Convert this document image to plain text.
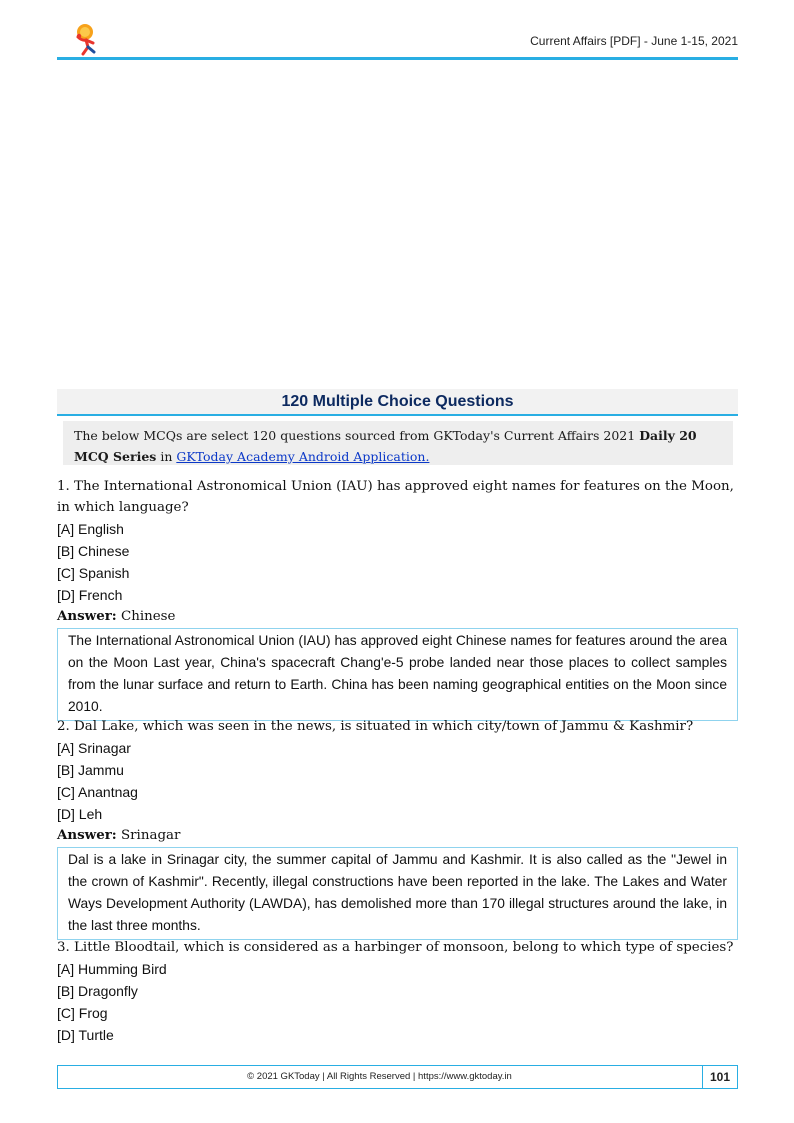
Current Affairs [PDF] - June 1-15, 2021
120 Multiple Choice Questions
The below MCQs are select 120 questions sourced from GKToday's Current Affairs 2021 Daily 20 MCQ Series in GKToday Academy Android Application.
1. The International Astronomical Union (IAU) has approved eight names for features on the Moon, in which language?
[A] English
[B] Chinese
[C] Spanish
[D] French
Answer: Chinese
The International Astronomical Union (IAU) has approved eight Chinese names for features around the area on the Moon Last year, China's spacecraft Chang'e-5 probe landed near those places to collect samples from the lunar surface and return to Earth. China has been naming geographical entities on the Moon since 2010.
2. Dal Lake, which was seen in the news, is situated in which city/town of Jammu & Kashmir?
[A] Srinagar
[B] Jammu
[C] Anantnag
[D] Leh
Answer: Srinagar
Dal is a lake in Srinagar city, the summer capital of Jammu and Kashmir. It is also called as the "Jewel in the crown of Kashmir". Recently, illegal constructions have been reported in the lake. The Lakes and Water Ways Development Authority (LAWDA), has demolished more than 170 illegal structures around the lake, in the last three months.
3. Little Bloodtail, which is considered as a harbinger of monsoon, belong to which type of species?
[A] Humming Bird
[B] Dragonfly
[C] Frog
[D] Turtle
© 2021 GKToday | All Rights Reserved | https://www.gktoday.in	101
